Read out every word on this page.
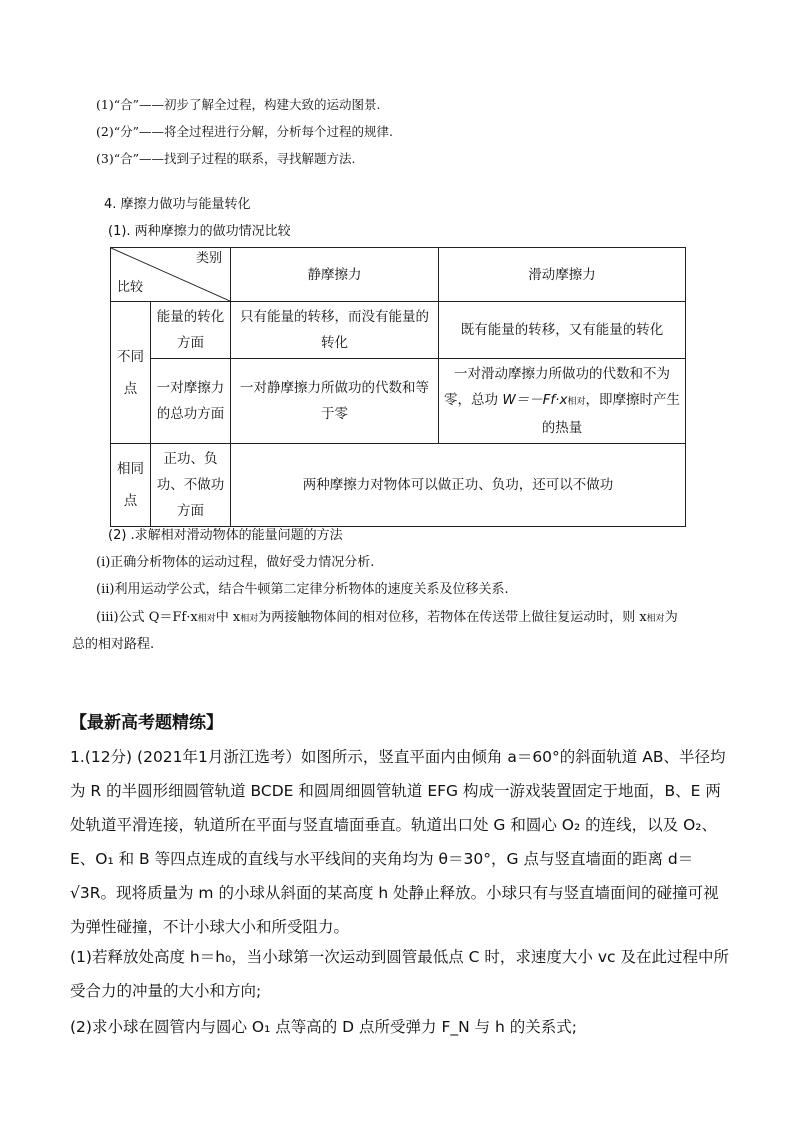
(1)“合”——初步了解全过程，构建大致的运动图景.
(2)“分”——将全过程进行分解，分析每个过程的规律.
(3)“合”——找到子过程的联系，寻找解题方法.
4. 摩擦力做功与能量转化
(1). 两种摩擦力的做功情况比较
类别
比较		静摩擦力	滑动摩擦力
不同点	能量的转化方面	只有能量的转移，而没有能量的转化	既有能量的转移，又有能量的转化
	一对摩擦力的总功方面	一对静摩擦力所做功的代数和等于零	一对滑动摩擦力所做功的代数和不为零，总功 W＝－Ff·x相对，即摩擦时产生的热量
相同点	正功、负功、不做功方面	两种摩擦力对物体可以做正功、负功，还可以不做功	
(2) .求解相对滑动物体的能量问题的方法
(i)正确分析物体的运动过程，做好受力情况分析.
(ii)利用运动学公式，结合牛顿第二定律分析物体的速度关系及位移关系.
(iii)公式 Q＝Ff·x相对中 x相对为两接触物体间的相对位移，若物体在传送带上做往复运动时，则 x相对为
总的相对路程.
【最新高考题精练】
1.(12分) (2021年1月浙江选考）如图所示，竖直平面内由倾角 a＝60°的斜面轨道 AB、半径均为 R 的半圆形细圆管轨道 BCDE 和圆周细圆管轨道 EFG 构成一游戏装置固定于地面，B、E 两处轨道平滑连接，轨道所在平面与竖直墙面垂直。轨道出口处 G 和圆心 O₂ 的连线，以及 O₂、E、O₁ 和 B 等四点连成的直线与水平线间的夹角均为 θ＝30°，G 点与竖直墙面的距离 d＝√3R。现将质量为 m 的小球从斜面的某高度 h 处静止释放。小球只有与竖直墙面间的碰撞可视为弹性碰撞，不计小球大小和所受阻力。
(1)若释放处高度 h＝h₀，当小球第一次运动到圆管最低点 C 时，求速度大小 vc 及在此过程中所受合力的冲量的大小和方向;
(2)求小球在圆管内与圆心 O₁ 点等高的 D 点所受弹力 F_N 与 h 的关系式;
